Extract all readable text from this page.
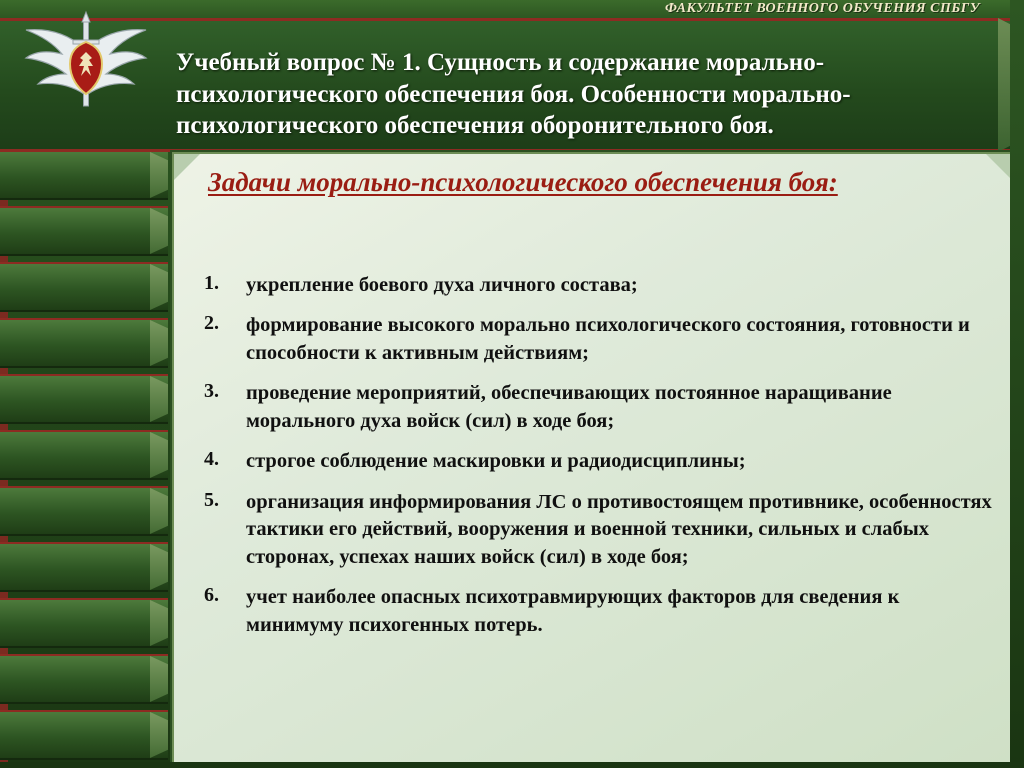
ФАКУЛЬТЕТ ВОЕННОГО ОБУЧЕНИЯ СПБГУ
Учебный вопрос № 1. Сущность и содержание морально-психологического обеспечения боя. Особенности морально-психологического обеспечения оборонительного боя.
Задачи морально-психологического обеспечения боя:
1.	укрепление боевого духа личного состава;
2.	формирование высокого морально психологического состояния, готовности и способности к активным действиям;
3.	проведение мероприятий, обеспечивающих постоянное наращивание морального духа войск (сил) в ходе боя;
4.	строгое соблюдение маскировки и радиодисциплины;
5.	организация информирования ЛС о противостоящем противнике, особенностях тактики его действий, вооружения и военной техники, сильных и слабых сторонах, успехах наших войск (сил) в ходе боя;
6.	учет наиболее опасных психотравмирующих факторов для сведения к минимуму психогенных потерь.
